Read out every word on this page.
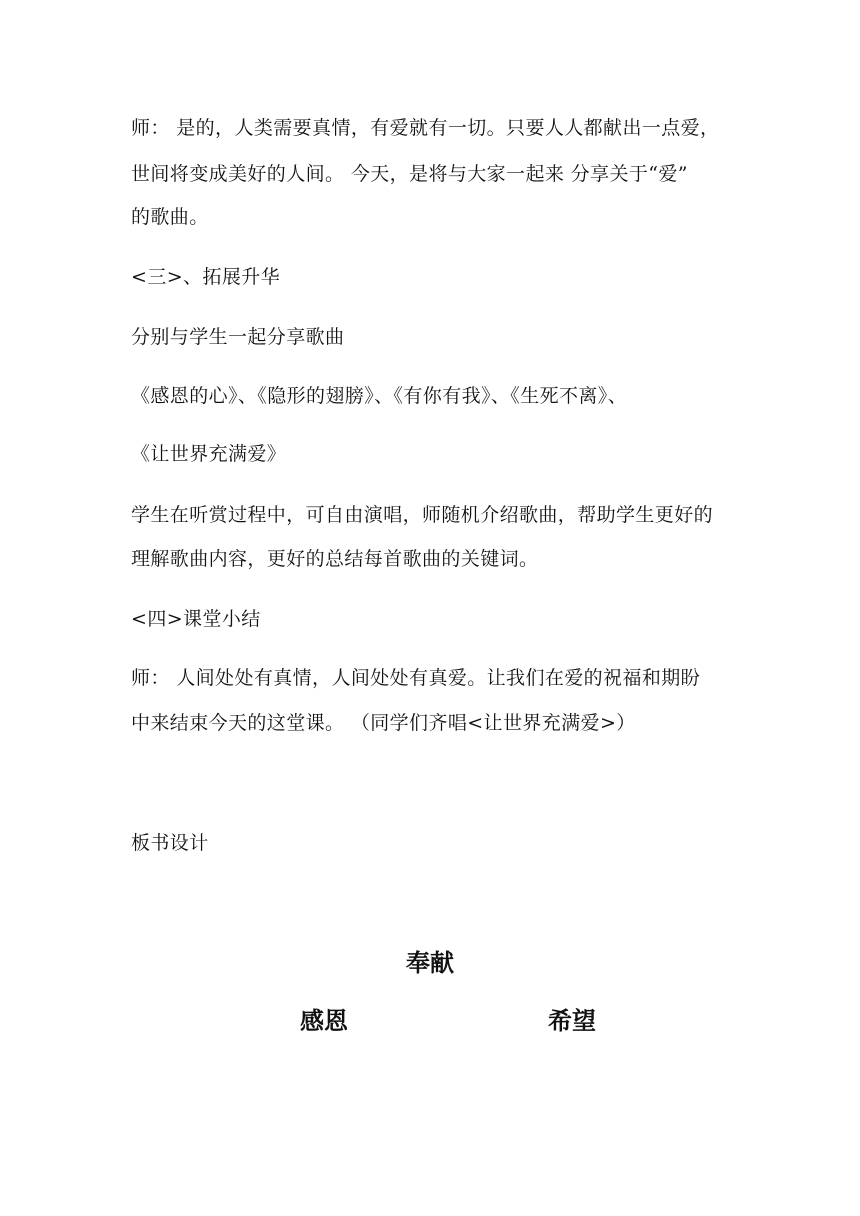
师： 是的，人类需要真情，有爱就有一切。只要人人都献出一点爱，
世间将变成美好的人间。 今天，是将与大家一起来 分享关于“爱”
的歌曲。
<三>、拓展升华
分别与学生一起分享歌曲
《感恩的心》、《隐形的翅膀》、《有你有我》、《生死不离》、
《让世界充满爱》
学生在听赏过程中，可自由演唱，师随机介绍歌曲，帮助学生更好的
理解歌曲内容，更好的总结每首歌曲的关键词。
<四>课堂小结
师： 人间处处有真情，人间处处有真爱。让我们在爱的祝福和期盼
中来结束今天的这堂课。 （同学们齐唱<让世界充满爱>）
板书设计
奉献
感恩	希望
